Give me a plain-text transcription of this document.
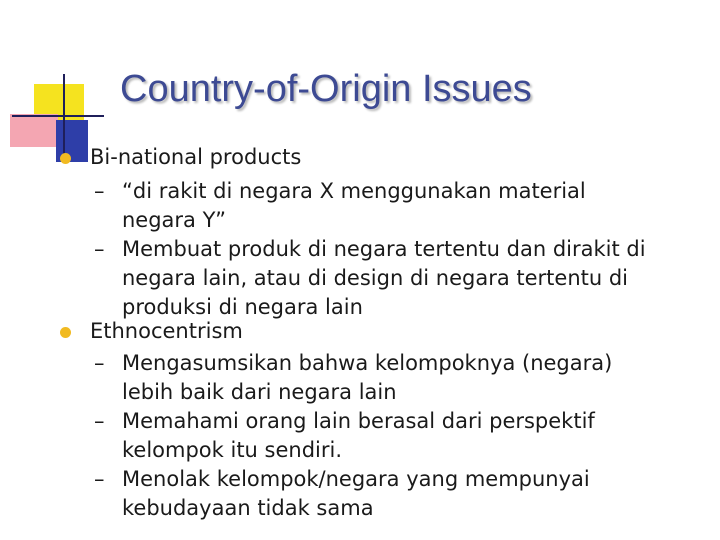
Country-of-Origin Issues
Bi-national products
– “di rakit di negara X menggunakan material negara Y”
– Membuat produk di negara tertentu dan dirakit di negara lain, atau di design di negara tertentu di produksi di negara lain
Ethnocentrism
– Mengasumsikan bahwa kelompoknya (negara) lebih baik dari negara lain
– Memahami orang lain berasal dari perspektif kelompok itu sendiri.
– Menolak kelompok/negara yang mempunyai kebudayaan tidak sama
